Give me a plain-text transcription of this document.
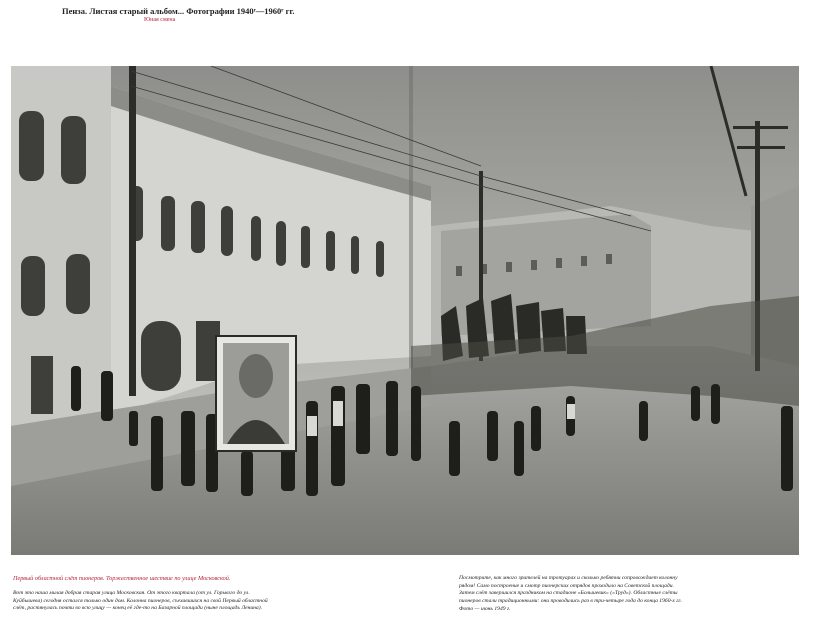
Пенза. Листая старый альбом... Фотографии 1940ʳ—1960ʳ гг.
Юная смена
Первый областной слёт пионеров. Торжественное шествие по улице Московской.
Вот это наша милая добрая старая улица Московская. От этого квартала (от ул. Горького до ул. Куйбышева) сегодня остался только один дом. Колонна пионеров, съехавшихся на свой Первый областной слёт, растянулась почти во всю улицу — конец её где-то на Базарной площади (ныне площадь Ленина).
Посмотрите, как много зрителей на тротуарах и сколько ребятни сопровождает колонну рядом! Само построение и смотр пионерских отрядов проходило на Советской площади. Затем слёт завершился праздником на стадионе «Большевик» («Труд»). Областные слёты пионеров стали традиционными: они проводились раз в три-четыре года до конца 1960-х гг. Фото — июнь 1949 г.
